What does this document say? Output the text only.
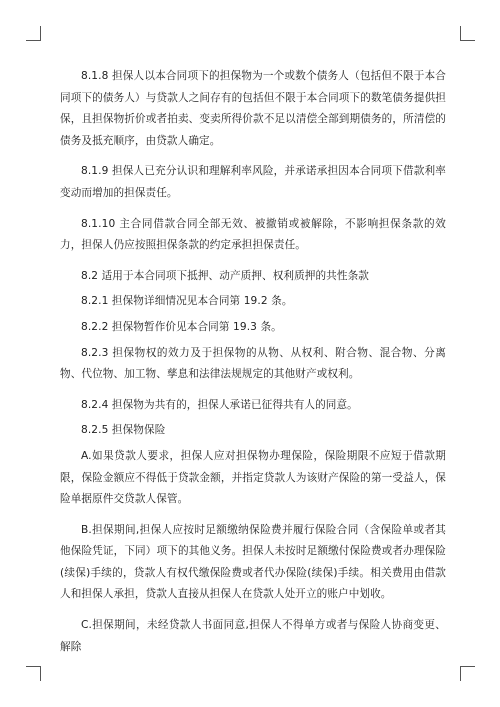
8.1.8 担保人以本合同项下的担保物为一个或数个债务人（包括但不限于本合同项下的债务人）与贷款人之间存有的包括但不限于本合同项下的数笔债务提供担保，且担保物折价或者拍卖、变卖所得价款不足以清偿全部到期债务的，所清偿的债务及抵充顺序，由贷款人确定。

8.1.9 担保人已充分认识和理解利率风险，并承诺承担因本合同项下借款利率变动而增加的担保责任。

8.1.10 主合同借款合同全部无效、被撤销或被解除，不影响担保条款的效力，担保人仍应按照担保条款的约定承担担保责任。

8.2 适用于本合同项下抵押、动产质押、权利质押的共性条款

8.2.1 担保物详细情况见本合同第 19.2 条。

8.2.2 担保物暂作价见本合同第 19.3 条。

8.2.3 担保物权的效力及于担保物的从物、从权利、附合物、混合物、分离物、代位物、加工物、孳息和法律法规规定的其他财产或权利。

8.2.4 担保物为共有的，担保人承诺已征得共有人的同意。

8.2.5 担保物保险

A.如果贷款人要求，担保人应对担保物办理保险，保险期限不应短于借款期限，保险金额应不得低于贷款金额，并指定贷款人为该财产保险的第一受益人，保险单据原件交贷款人保管。

B.担保期间,担保人应按时足额缴纳保险费并履行保险合同（含保险单或者其他保险凭证，下同）项下的其他义务。担保人未按时足额缴付保险费或者办理保险(续保)手续的，贷款人有权代缴保险费或者代办保险(续保)手续。相关费用由借款人和担保人承担，贷款人直接从担保人在贷款人处开立的账户中划收。

C.担保期间，未经贷款人书面同意,担保人不得单方或者与保险人协商变更、解除
